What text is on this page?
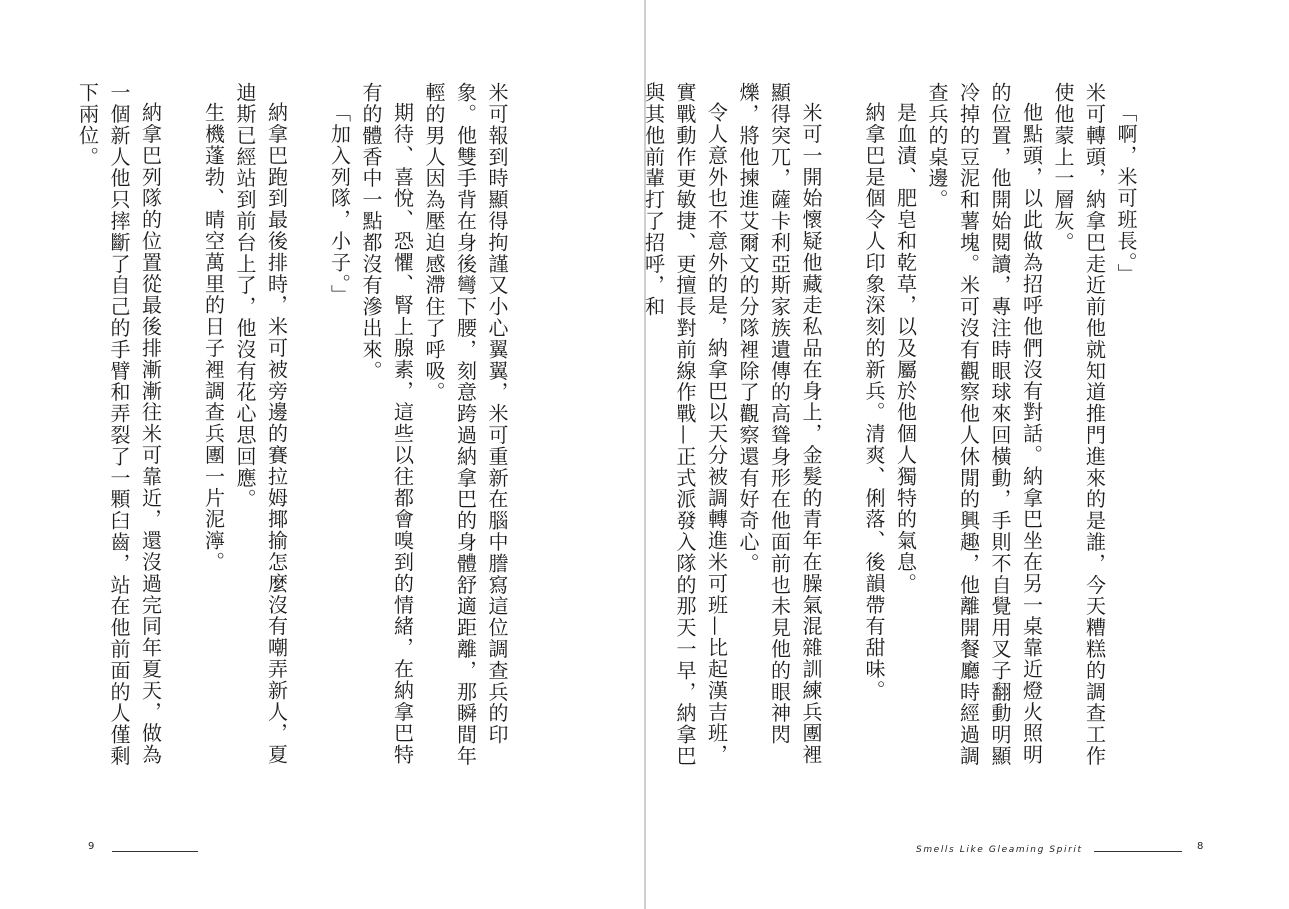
米可報到時顯得拘謹又小心翼翼，米可重新在腦中謄寫這位調查兵的印象。他雙手背在身後彎下腰，刻意跨過納拿巴的身體舒適距離，那瞬間年輕的男人因為壓迫感滯住了呼吸。

期待、喜悅、恐懼、腎上腺素，這些以往都會嗅到的情緒，在納拿巴特有的體香中一點都沒有滲出來。

「加入列隊，小子。」

納拿巴跑到最後排時，米可被旁邊的賽拉姆揶揄怎麼沒有嘲弄新人，夏迪斯已經站到前台上了，他沒有花心思回應。

生機蓬勃、晴空萬里的日子裡調查兵團一片泥濘。

納拿巴列隊的位置從最後排漸漸往米可靠近，還沒過完同年夏天，做為一個新人他只摔斷了自己的手臂和弄裂了一顆臼齒，站在他前面的人僅剩下兩位。

9

「啊，米可班長。」

米可轉頭，納拿巴走近前他就知道推門進來的是誰，今天糟糕的調查工作使他蒙上一層灰。

他點頭，以此做為招呼他們沒有對話。納拿巴坐在另一桌靠近燈火照明的位置，他開始閱讀，專注時眼球來回橫動，手則不自覺用叉子翻動明顯冷掉的豆泥和薯塊。米可沒有觀察他人休閒的興趣，他離開餐廳時經過調查兵的桌邊。

是血漬、肥皂和乾草，以及屬於他個人獨特的氣息。

納拿巴是個令人印象深刻的新兵。清爽、俐落、後韻帶有甜味。

米可一開始懷疑他藏走私品在身上，金髮的青年在臊氣混雜訓練兵團裡顯得突兀，薩卡利亞斯家族遺傳的高聳身形在他面前也未見他的眼神閃爍，將他揀進艾爾文的分隊裡除了觀察還有好奇心。

令人意外也不意外的是，納拿巴以天分被調轉進米可班—比起漢吉班，實戰動作更敏捷、更擅長對前線作戰—正式派發入隊的那天一早，納拿巴與其他前輩打了招呼，和

Smells Like Gleaming Spirit	8
